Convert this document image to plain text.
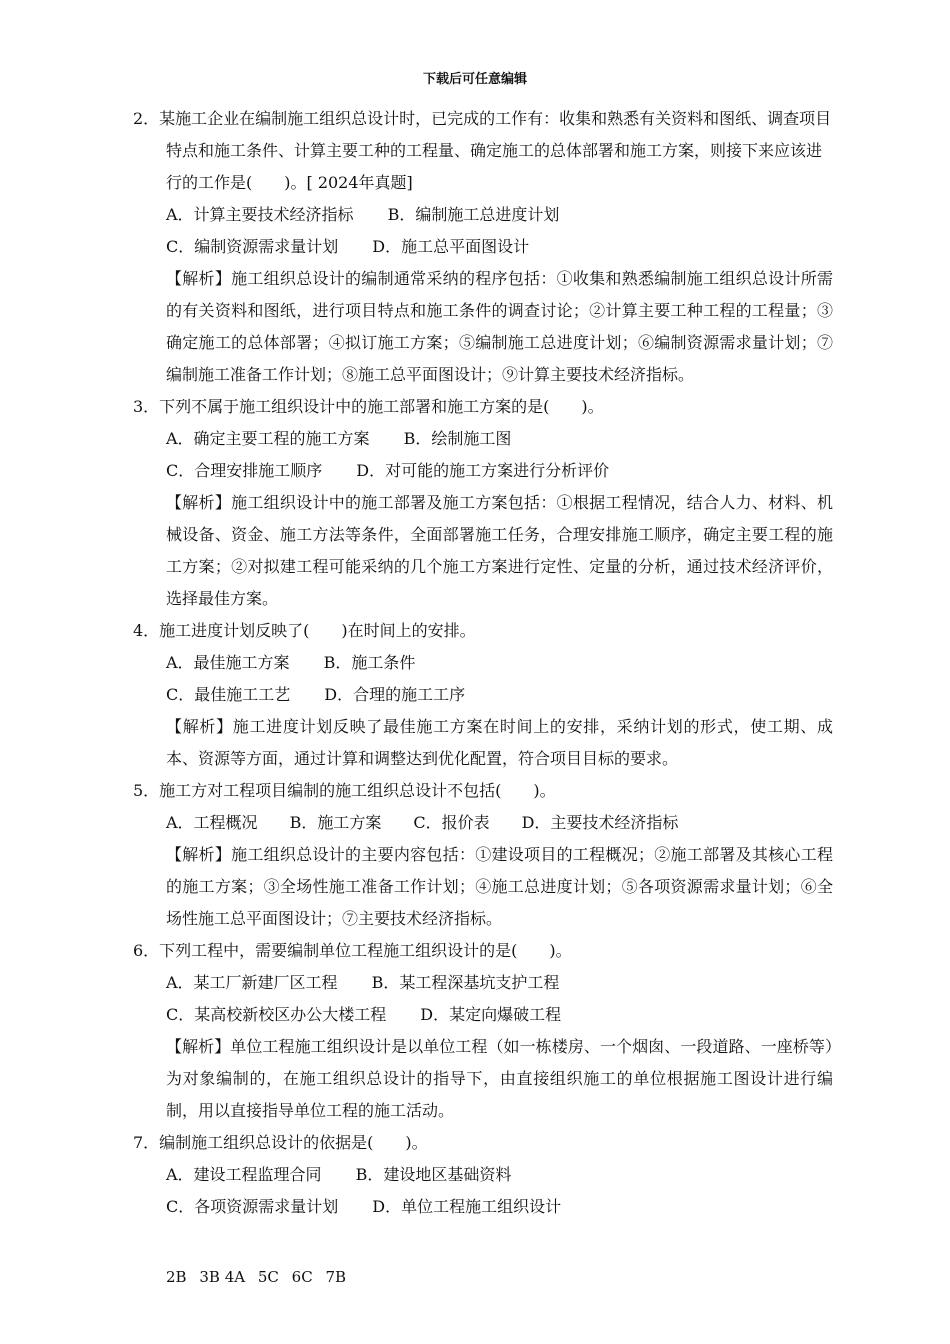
下载后可任意编辑

2．某施工企业在编制施工组织总设计时，已完成的工作有：收集和熟悉有关资料和图纸、调查项目特点和施工条件、计算主要工种的工程量、确定施工的总体部署和施工方案，则接下来应该进行的工作是(　　)。[ 2024年真题]

A．计算主要技术经济指标 B．编制施工总进度计划

C．编制资源需求量计划 D．施工总平面图设计

【解析】施工组织总设计的编制通常采纳的程序包括：①收集和熟悉编制施工组织总设计所需的有关资料和图纸，进行项目特点和施工条件的调查讨论；②计算主要工种工程的工程量；③确定施工的总体部署；④拟订施工方案；⑤编制施工总进度计划；⑥编制资源需求量计划；⑦编制施工准备工作计划；⑧施工总平面图设计；⑨计算主要技术经济指标。

3．下列不属于施工组织设计中的施工部署和施工方案的是(　　)。

A．确定主要工程的施工方案 B．绘制施工图

C．合理安排施工顺序 D．对可能的施工方案进行分析评价

【解析】施工组织设计中的施工部署及施工方案包括：①根据工程情况，结合人力、材料、机械设备、资金、施工方法等条件，全面部署施工任务，合理安排施工顺序，确定主要工程的施工方案；②对拟建工程可能采纳的几个施工方案进行定性、定量的分析，通过技术经济评价，选择最佳方案。

4．施工进度计划反映了(　　)在时间上的安排。

A．最佳施工方案 B．施工条件

C．最佳施工工艺 D．合理的施工工序

【解析】施工进度计划反映了最佳施工方案在时间上的安排，采纳计划的形式，使工期、成本、资源等方面，通过计算和调整达到优化配置，符合项目目标的要求。

5．施工方对工程项目编制的施工组织总设计不包括(　　)。

A．工程概况 B．施工方案 C．报价表 D．主要技术经济指标

【解析】施工组织总设计的主要内容包括：①建设项目的工程概况；②施工部署及其核心工程的施工方案；③全场性施工准备工作计划；④施工总进度计划；⑤各项资源需求量计划；⑥全场性施工总平面图设计；⑦主要技术经济指标。

6．下列工程中，需要编制单位工程施工组织设计的是(　　)。

A．某工厂新建厂区工程 B．某工程深基坑支护工程

C．某高校新校区办公大楼工程 D．某定向爆破工程

【解析】单位工程施工组织设计是以单位工程（如一栋楼房、一个烟囱、一段道路、一座桥等）为对象编制的，在施工组织总设计的指导下，由直接组织施工的单位根据施工图设计进行编制，用以直接指导单位工程的施工活动。

7．编制施工组织总设计的依据是(　　)。

A．建设工程监理合同 B．建设地区基础资料

C．各项资源需求量计划 D．单位工程施工组织设计

2B 3B 4A 5C 6C 7B
